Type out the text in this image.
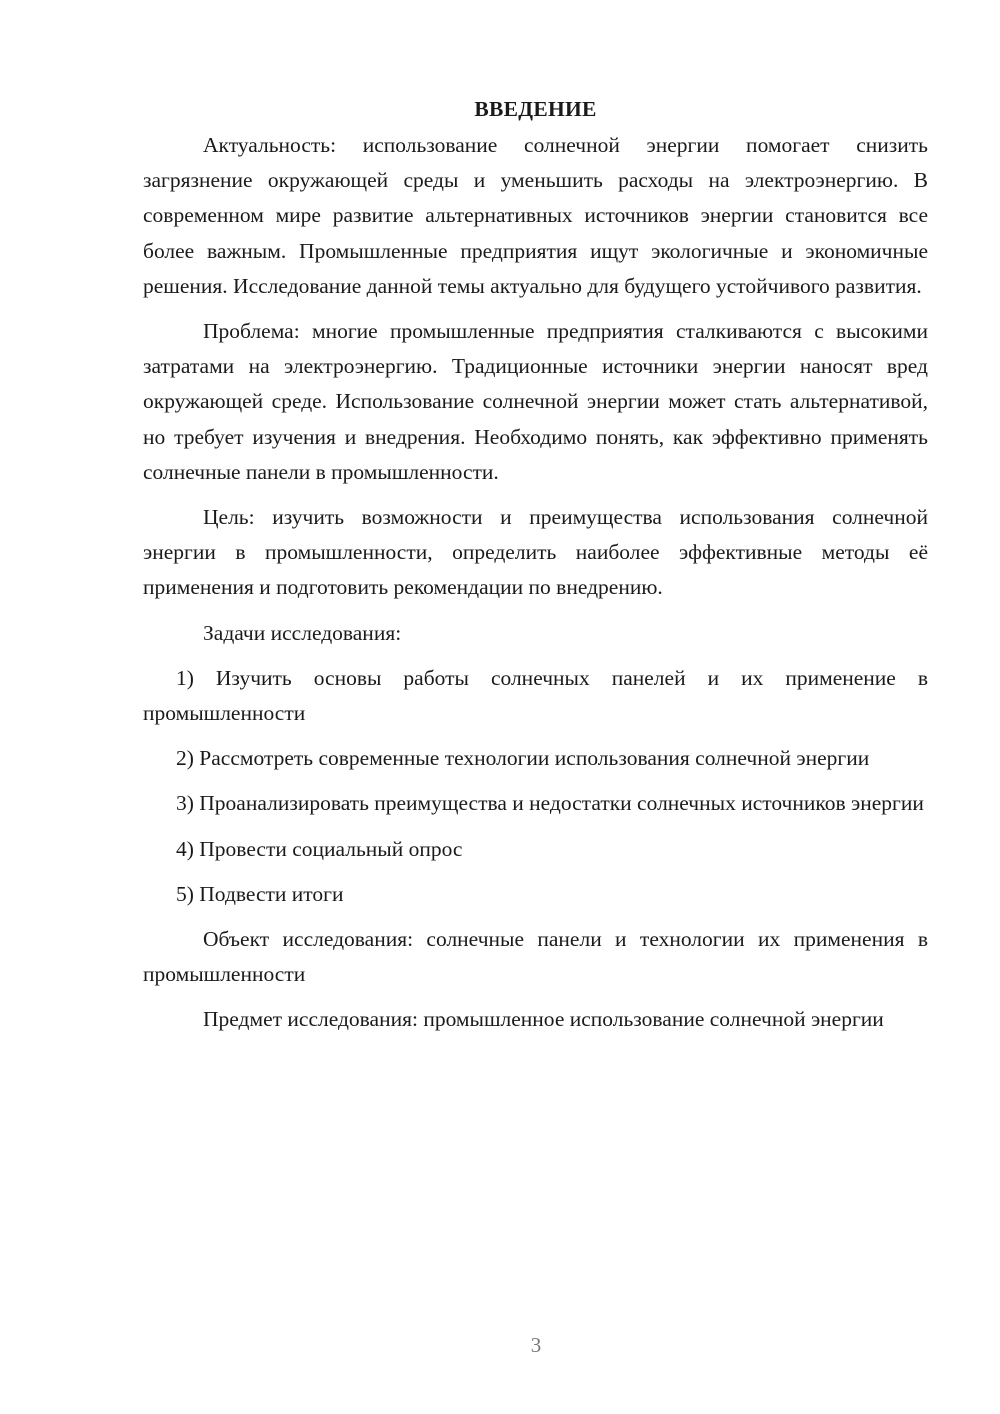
ВВЕДЕНИЕ

Актуальность: использование солнечной энергии помогает снизить загрязнение окружающей среды и уменьшить расходы на электроэнергию. В современном мире развитие альтернативных источников энергии становится все более важным. Промышленные предприятия ищут экологичные и экономичные решения. Исследование данной темы актуально для будущего устойчивого развития.

Проблема: многие промышленные предприятия сталкиваются с высокими затратами на электроэнергию. Традиционные источники энергии наносят вред окружающей среде. Использование солнечной энергии может стать альтернативой, но требует изучения и внедрения. Необходимо понять, как эффективно применять солнечные панели в промышленности.

Цель: изучить возможности и преимущества использования солнечной энергии в промышленности, определить наиболее эффективные методы её применения и подготовить рекомендации по внедрению.

Задачи исследования:

1) Изучить основы работы солнечных панелей и их применение в промышленности

2) Рассмотреть современные технологии использования солнечной энергии

3) Проанализировать преимущества и недостатки солнечных источников энергии

4) Провести социальный опрос

5) Подвести итоги

Объект исследования: солнечные панели и технологии их применения в промышленности

Предмет исследования: промышленное использование солнечной энергии

3
